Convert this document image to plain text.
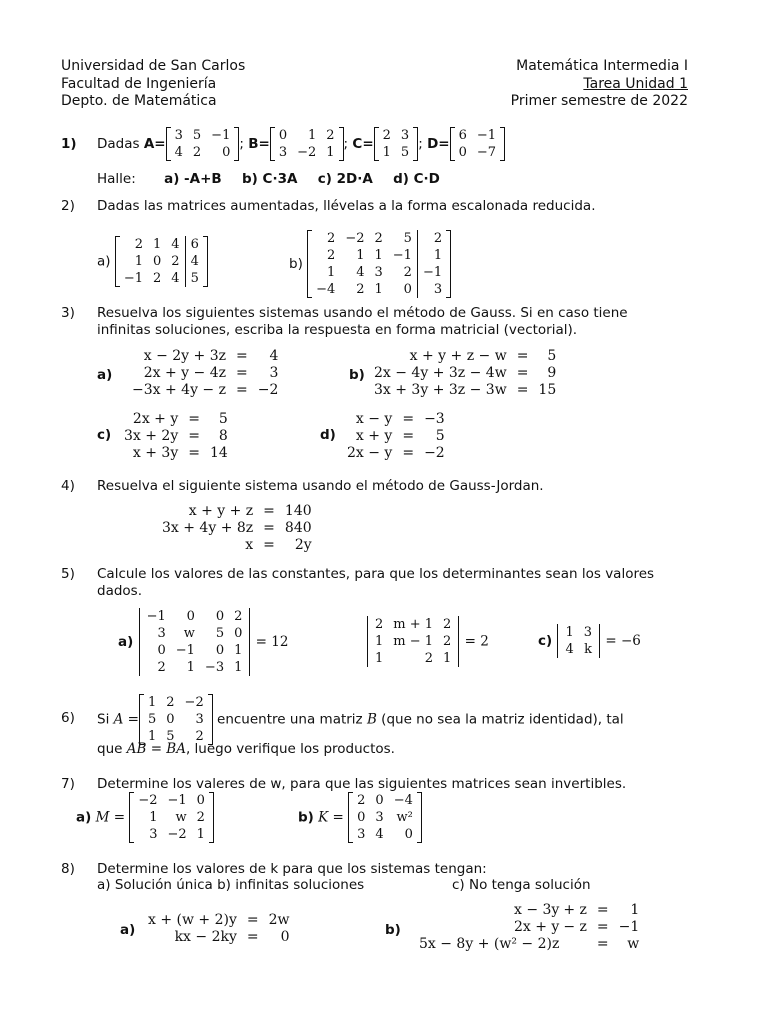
Universidad de San Carlos
Facultad de Ingeniería
Depto. de Matemática
Matemática Intermedia I
Tarea Unidad 1
Primer semestre de 2022
1) Dadas A=
3	5	−1
4	2	0
; B=
0	1	2
3	−2	1
; C=
2	3
1	5
; D=
6	−1
0	−7
Halle: a) -A+B b) C·3A c) 2D·A d) C·D
2) Dadas las matrices aumentadas, llévelas a la forma escalonada reducida.
a)
2	1	4	6
1	0	2	4
−1	2	4	5
b)
2	−2	2	5	2
2	1	1	−1	1
1	4	3	2	−1
−4	2	1	0	3
3) Resuelva los siguientes sistemas usando el método de Gauss. Si en caso tiene
infinitas soluciones, escriba la respuesta en forma matricial (vectorial).
a)
x − 2y + 3z	=	4
2x + y − 4z	=	3
−3x + 4y − z	=	−2
b)
x + y + z − w	=	5
2x − 4y + 3z − 4w	=	9
3x + 3y + 3z − 3w	=	15
c)
2x + y	=	5
3x + 2y	=	8
x + 3y	=	14
d)
x − y	=	−3
x + y	=	5
2x − y	=	−2
4) Resuelva el siguiente sistema usando el método de Gauss-Jordan.
x + y + z	=	140
3x + 4y + 8z	=	840
x	=	2y
5) Calcule los valores de las constantes, para que los determinantes sean los valores
dados.
a)
−1	0	0	2
3	w	5	0
0	−1	0	1
2	1	−3	1
= 12
2	m + 1	2
1	m − 1	2
1	2	1
= 2	c)
1	3
4	k
= −6
6) Si A =
1	2	−2
5	0	3
1	5	2
encuentre una matriz B (que no sea la matriz identidad), tal
que AB = BA, luego verifique los productos.
7) Determine los valeres de w, para que las siguientes matrices sean invertibles.
a) M =
−2	−1	0
1	w	2
3	−2	1
b) K =
2	0	−4
0	3	w²
3	4	0
8) Determine los valores de k para que los sistemas tengan:
a) Solución única b) infinitas soluciones	c) No tenga solución
a)
x + (w + 2)y	=	2w
kx − 2ky	=	0	b)
x − 3y	+ z	=	1
2x + y	− z	=	−1
5x − 8y + (w² − 2)z		=	w
